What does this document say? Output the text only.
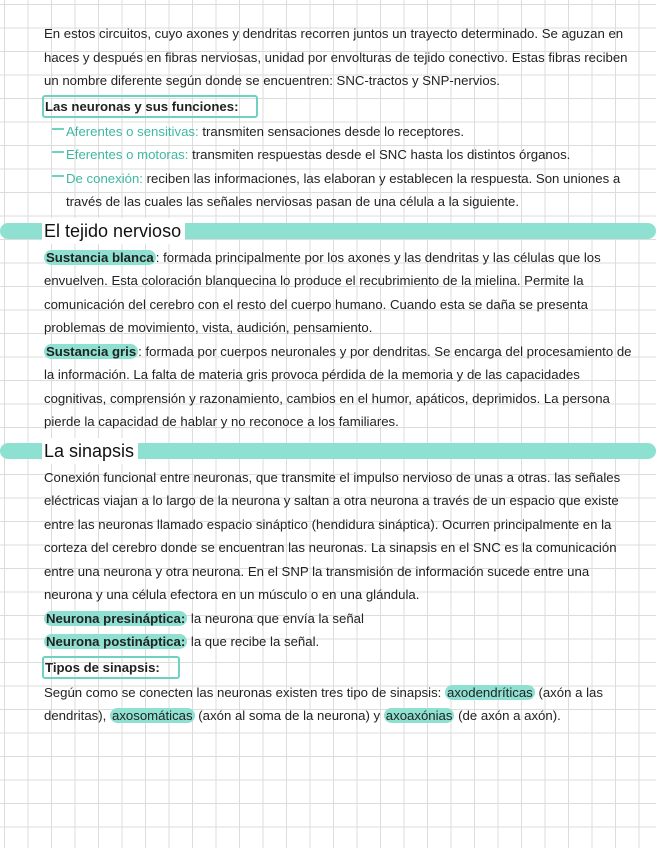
En estos circuitos, cuyo axones y dendritas recorren juntos un trayecto determinado. Se aguzan en haces y después en fibras nerviosas, unidad por envolturas de tejido conectivo. Estas fibras reciben un nombre diferente según donde se encuentren: SNC-tractos y SNP-nervios.

Las neuronas y sus funciones:
Aferentes o sensitivas: transmiten sensaciones desde lo receptores.
Eferentes o motoras: transmiten respuestas desde el SNC hasta los distintos órganos.
De conexión: reciben las informaciones, las elaboran y establecen la respuesta. Son uniones a través de las cuales las señales nerviosas pasan de una célula a la siguiente.
El tejido nervioso

Sustancia blanca : formada principalmente por los axones y las dendritas y las células que los envuelven. Esta coloración blanquecina lo produce el recubrimiento de la mielina. Permite la comunicación del cerebro con el resto del cuerpo humano. Cuando esta se daña se presenta problemas de movimiento, vista, audición, pensamiento.

Sustancia gris : formada por cuerpos neuronales y por dendritas. Se encarga del procesamiento de la información. La falta de materia gris provoca pérdida de la memoria y de las capacidades cognitivas, comprensión y razonamiento, cambios en el humor, apáticos, deprimidos. La persona pierde la capacidad de hablar y no reconoce a los familiares.

La sinapsis

Conexión funcional entre neuronas, que transmite el impulso nervioso de unas a otras. las señales eléctricas viajan a lo largo de la neurona y saltan a otra neurona a través de un espacio que existe entre las neuronas llamado espacio sináptico (hendidura sináptica). Ocurren principalmente en la corteza del cerebro donde se encuentran las neuronas. La sinapsis en el SNC es la comunicación entre una neurona y otra neurona. En el SNP la transmisión de información sucede entre una neurona y una célula efectora en un músculo o en una glándula.

Neurona presináptica: la neurona que envía la señal

Neurona postináptica: la que recibe la señal.

Tipos de sinapsis:

Según como se conecten las neuronas existen tres tipo de sinapsis: axodendríticas (axón a las dendritas), axosomáticas (axón al soma de la neurona) y axoaxónias (de axón a axón).
